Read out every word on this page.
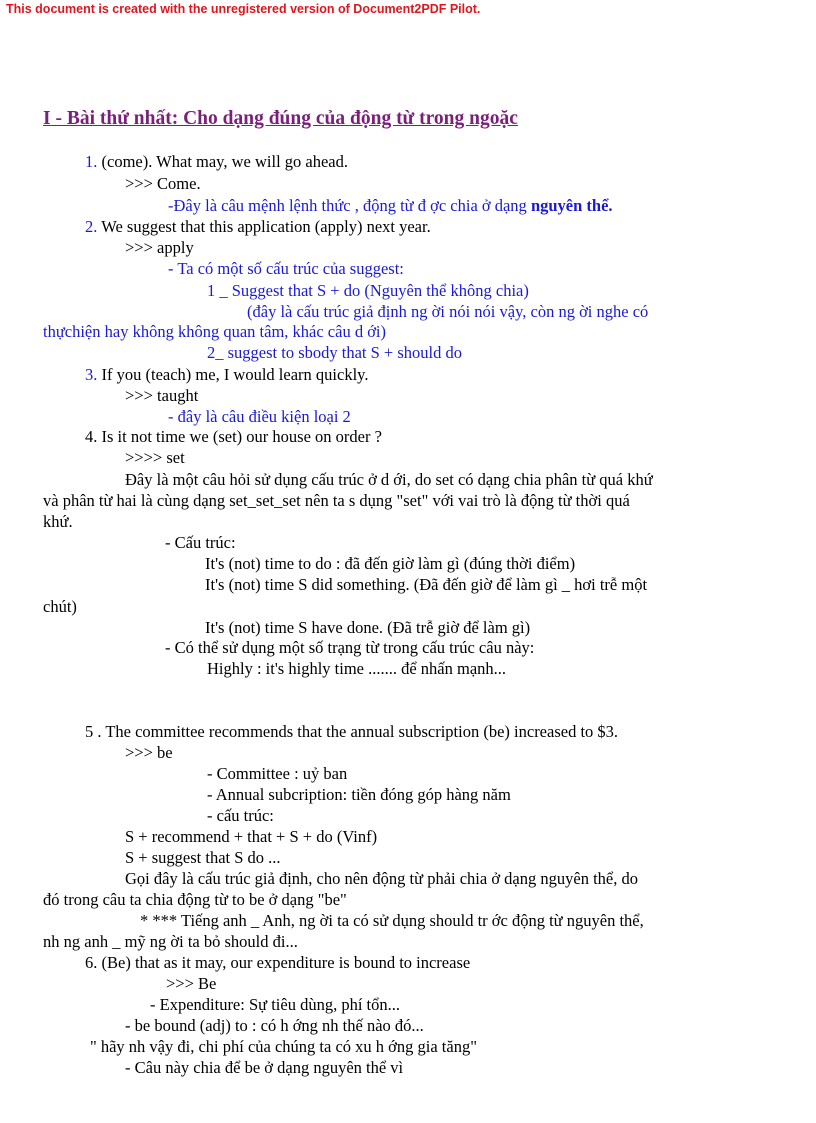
This document is created with the unregistered version of Document2PDF Pilot.
I - Bài thứ nhất: Cho dạng đúng của động từ trong ngoặc
1. (come). What may, we will go ahead.
>>> Come.
-Đây là câu mệnh lệnh thức , động từ đ ợc chia ở dạng nguyên thể.
2. We suggest that this application (apply) next year.
>>> apply
- Ta có một số cấu trúc của suggest:
1 _ Suggest that S + do (Nguyên thể không chia)
(đây là cấu trúc giả định ng ời nói nói vậy, còn ng ời nghe có
thựchiện hay không không quan tâm, khác câu d ới)
2_ suggest to sbody that S + should do
3. If you (teach) me, I would learn quickly.
>>> taught
- đây là câu điều kiện loại 2
4. Is it not time we (set) our house on order ?
>>>> set
Đây là một câu hỏi sử dụng cấu trúc ở d ới, do set có dạng chia phân từ quá khứ
và phân từ hai là cùng dạng set_set_set nên ta s dụng "set" với vai trò là động từ thời quá
khứ.
- Cấu trúc:
It's (not) time to do : đã đến giờ làm gì (đúng thời điểm)
It's (not) time S did something. (Đã đến giờ để làm gì _ hơi trễ một
chút)
It's (not) time S have done. (Đã trễ giờ để làm gì)
- Có thể sử dụng một số trạng từ trong cấu trúc câu này:
Highly : it's highly time ....... để nhấn mạnh...
5 . The committee recommends that the annual subscription (be) increased to $3.
>>> be
- Committee : uỷ ban
- Annual subcription: tiền đóng góp hàng năm
- cấu trúc:
S + recommend + that + S + do (Vinf)
S + suggest that S do ...
Gọi đây là cấu trúc giả định, cho nên động từ phải chia ở dạng nguyên thể, do
đó trong câu ta chia động từ to be ở dạng "be"
* *** Tiếng anh _ Anh, ng ời ta có sử dụng should tr ớc động từ nguyên thể,
nh ng anh _ mỹ ng ời ta bỏ should đi...
6. (Be) that as it may, our expenditure is bound to increase
>>> Be
- Expenditure: Sự tiêu dùng, phí tổn...
- be bound (adj) to : có h ớng nh thế nào đó...
" hãy nh vậy đi, chi phí của chúng ta có xu h ớng gia tăng"
- Câu này chia để be ở dạng nguyên thể vì
